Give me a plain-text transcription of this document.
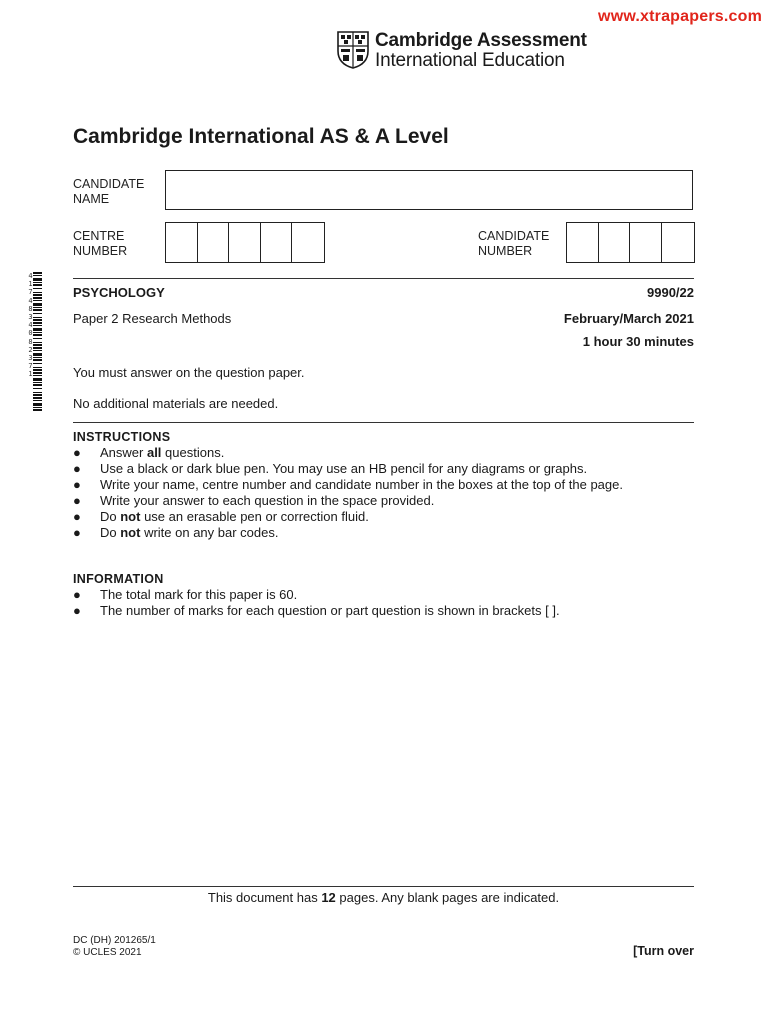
www.xtrapapers.com
Cambridge Assessment
International Education
Cambridge International AS & A Level
CANDIDATE NAME
CENTRE NUMBER
CANDIDATE NUMBER
4
1
7
4
8
3
4
0
8
2
3
7
1
PSYCHOLOGY	9990/22
Paper 2 Research Methods	February/March 2021
1 hour 30 minutes
You must answer on the question paper.
No additional materials are needed.
INSTRUCTIONS
● Answer all questions.
● Use a black or dark blue pen. You may use an HB pencil for any diagrams or graphs.
● Write your name, centre number and candidate number in the boxes at the top of the page.
● Write your answer to each question in the space provided.
● Do not use an erasable pen or correction fluid.
● Do not write on any bar codes.
INFORMATION
● The total mark for this paper is 60.
● The number of marks for each question or part question is shown in brackets [ ].
This document has 12 pages. Any blank pages are indicated.
DC (DH) 201265/1
© UCLES 2021	[Turn over
